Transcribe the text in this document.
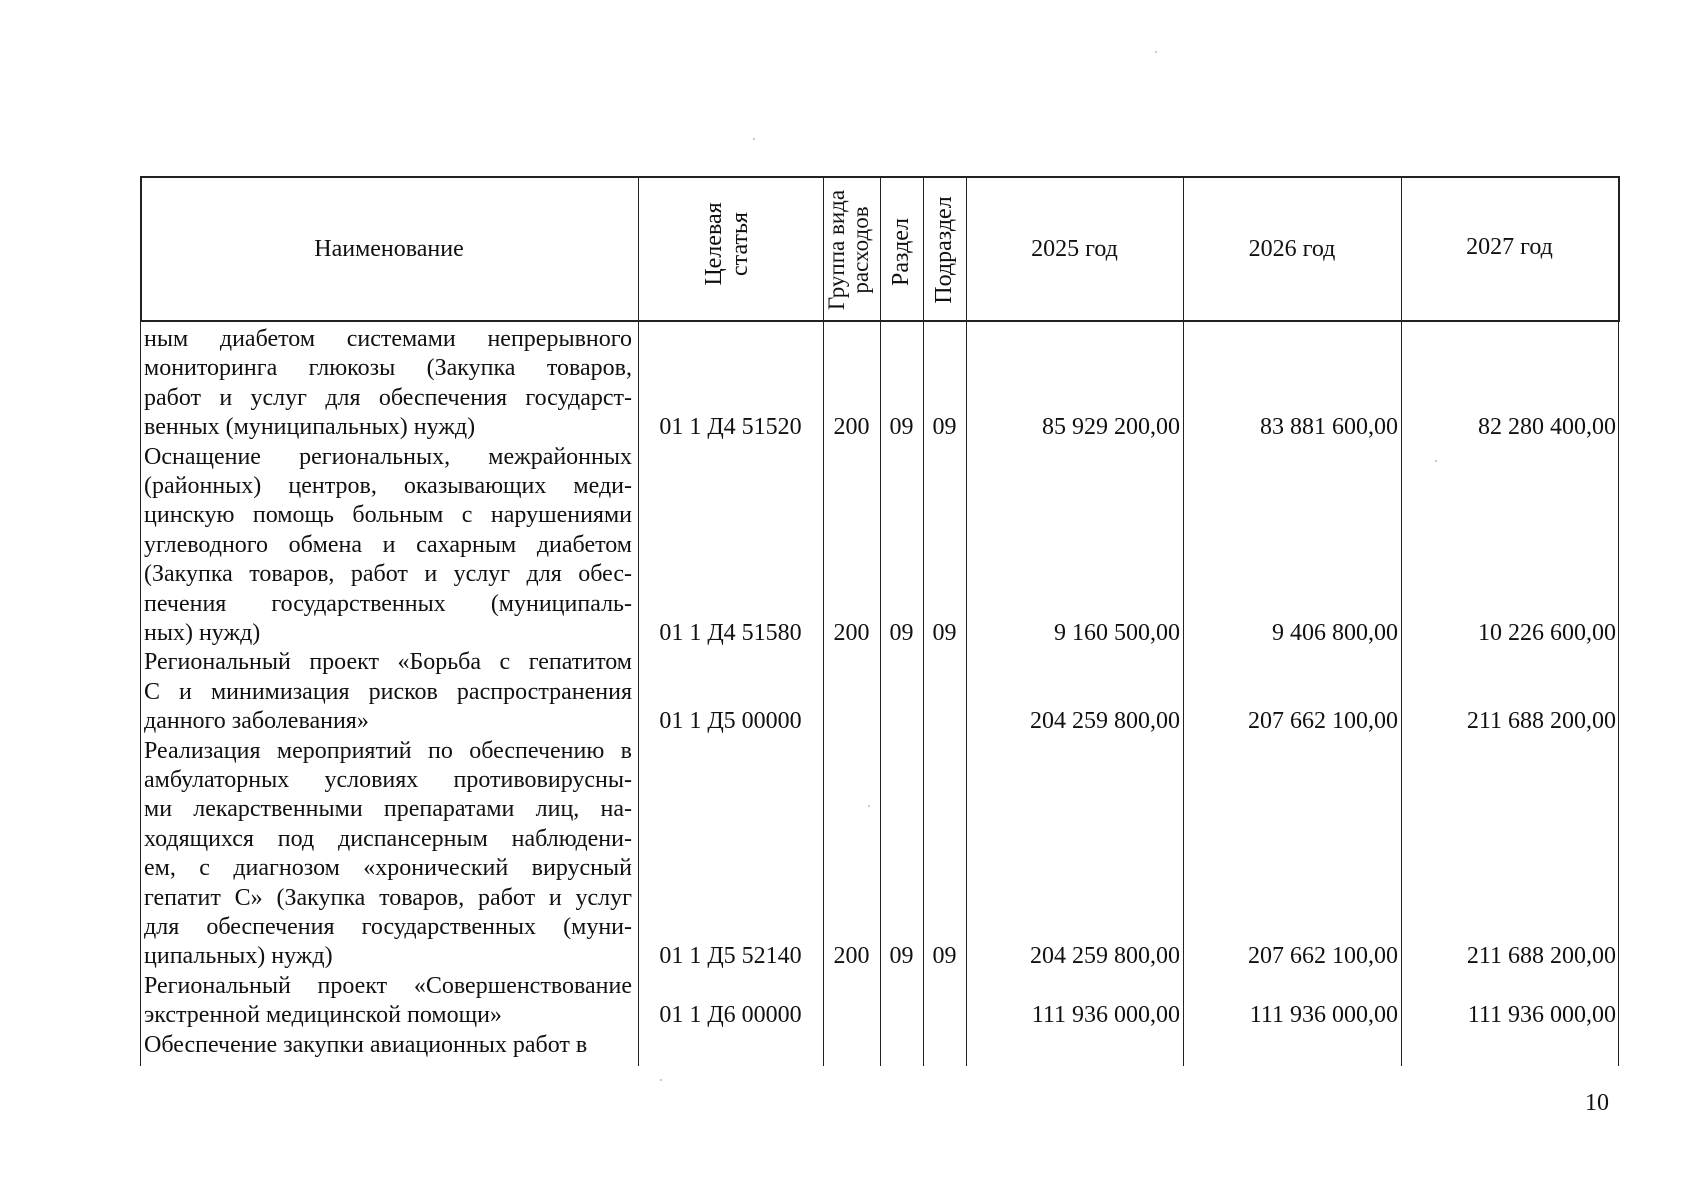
Наименование	Целевая статья	Группа вида расходов Раздел Подраздел	2025 год	2026 год	2027 год
ным диабетом системами непрерывного
мониторинга глюкозы (Закупка товаров,
работ и услуг для обеспечения государст-
венных (муниципальных) нужд)	01 1 Д4 51520	200 09 09	85 929 200,00	83 881 600,00	82 280 400,00
Оснащение региональных, межрайонных
(районных) центров, оказывающих меди-
цинскую помощь больным с нарушениями
углеводного обмена и сахарным диабетом
(Закупка товаров, работ и услуг для обес-
печения государственных (муниципаль-
ных) нужд)	01 1 Д4 51580	200 09 09	9 160 500,00	9 406 800,00	10 226 600,00
Региональный проект «Борьба с гепатитом
С и минимизация рисков распространения
данного заболевания»	01 1 Д5 00000	204 259 800,00	207 662 100,00	211 688 200,00
Реализация мероприятий по обеспечению в
амбулаторных условиях противовирусны-
ми лекарственными препаратами лиц, на-
ходящихся под диспансерным наблюдени-
ем, с диагнозом «хронический вирусный
гепатит С» (Закупка товаров, работ и услуг
для обеспечения государственных (муни-
ципальных) нужд)	01 1 Д5 52140	200 09 09	204 259 800,00	207 662 100,00	211 688 200,00
Региональный проект «Совершенствование
экстренной медицинской помощи»	01 1 Д6 00000	111 936 000,00	111 936 000,00	111 936 000,00
Обеспечение закупки авиационных работ в
10
